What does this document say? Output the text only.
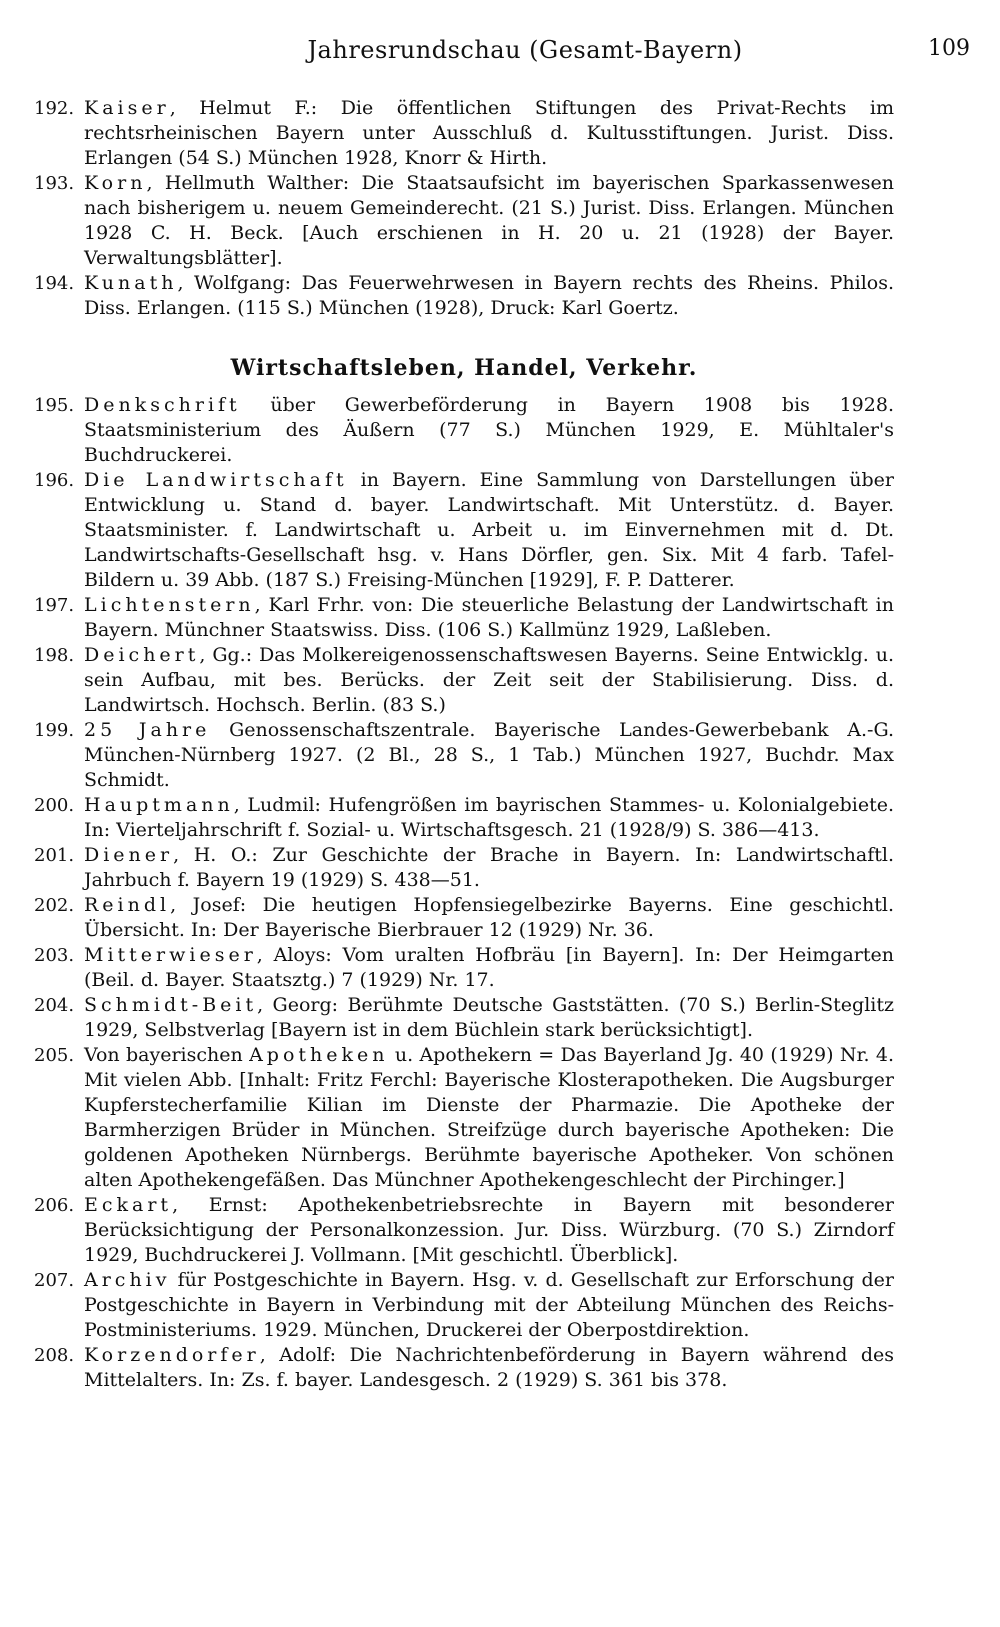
Jahresrundschau (Gesamt-Bayern)	109
192. Kaiser, Helmut F.: Die öffentlichen Stiftungen des Privat-Rechts im rechtsrheinischen Bayern unter Ausschluß d. Kultusstiftungen. Jurist. Diss. Erlangen (54 S.) München 1928, Knorr & Hirth.
193. Korn, Hellmuth Walther: Die Staatsaufsicht im bayerischen Sparkassenwesen nach bisherigem u. neuem Gemeinderecht. (21 S.) Jurist. Diss. Erlangen. München 1928 C. H. Beck. [Auch erschienen in H. 20 u. 21 (1928) der Bayer. Verwaltungsblätter].
194. Kunath, Wolfgang: Das Feuerwehrwesen in Bayern rechts des Rheins. Philos. Diss. Erlangen. (115 S.) München (1928), Druck: Karl Goertz.
Wirtschaftsleben, Handel, Verkehr.
195. Denkschrift über Gewerbeförderung in Bayern 1908 bis 1928. Staatsministerium des Äußern (77 S.) München 1929, E. Mühltaler's Buchdruckerei.
196. Die Landwirtschaft in Bayern. Eine Sammlung von Darstellungen über Entwicklung u. Stand d. bayer. Landwirtschaft. Mit Unterstütz. d. Bayer. Staatsminister. f. Landwirtschaft u. Arbeit u. im Einvernehmen mit d. Dt. Landwirtschafts-Gesellschaft hsg. v. Hans Dörfler, gen. Six. Mit 4 farb. Tafel-Bildern u. 39 Abb. (187 S.) Freising-München [1929], F. P. Datterer.
197. Lichtenstern, Karl Frhr. von: Die steuerliche Belastung der Landwirtschaft in Bayern. Münchner Staatswiss. Diss. (106 S.) Kallmünz 1929, Laßleben.
198. Deichert, Gg.: Das Molkereigenossenschaftswesen Bayerns. Seine Entwicklg. u. sein Aufbau, mit bes. Berücks. der Zeit seit der Stabilisierung. Diss. d. Landwirtsch. Hochsch. Berlin. (83 S.)
199. 25 Jahre Genossenschaftszentrale. Bayerische Landes-Gewerbebank A.-G. München-Nürnberg 1927. (2 Bl., 28 S., 1 Tab.) München 1927, Buchdr. Max Schmidt.
200. Hauptmann, Ludmil: Hufengrößen im bayrischen Stammes- u. Kolonialgebiete. In: Vierteljahrschrift f. Sozial- u. Wirtschaftsgesch. 21 (1928/9) S. 386—413.
201. Diener, H. O.: Zur Geschichte der Brache in Bayern. In: Landwirtschaftl. Jahrbuch f. Bayern 19 (1929) S. 438—51.
202. Reindl, Josef: Die heutigen Hopfensiegelbezirke Bayerns. Eine geschichtl. Übersicht. In: Der Bayerische Bierbrauer 12 (1929) Nr. 36.
203. Mitterwieser, Aloys: Vom uralten Hofbräu [in Bayern]. In: Der Heimgarten (Beil. d. Bayer. Staatsztg.) 7 (1929) Nr. 17.
204. Schmidt-Beit, Georg: Berühmte Deutsche Gaststätten. (70 S.) Berlin-Steglitz 1929, Selbstverlag [Bayern ist in dem Büchlein stark berücksichtigt].
205. Von bayerischen Apotheken u. Apothekern = Das Bayerland Jg. 40 (1929) Nr. 4. Mit vielen Abb. [Inhalt: Fritz Ferchl: Bayerische Klosterapotheken. Die Augsburger Kupferstecherfamilie Kilian im Dienste der Pharmazie. Die Apotheke der Barmherzigen Brüder in München. Streifzüge durch bayerische Apotheken: Die goldenen Apotheken Nürnbergs. Berühmte bayerische Apotheker. Von schönen alten Apothekengefäßen. Das Münchner Apothekengeschlecht der Pirchinger.]
206. Eckart, Ernst: Apothekenbetriebsrechte in Bayern mit besonderer Berücksichtigung der Personalkonzession. Jur. Diss. Würzburg. (70 S.) Zirndorf 1929, Buchdruckerei J. Vollmann. [Mit geschichtl. Überblick].
207. Archiv für Postgeschichte in Bayern. Hsg. v. d. Gesellschaft zur Erforschung der Postgeschichte in Bayern in Verbindung mit der Abteilung München des Reichs-Postministeriums. 1929. München, Druckerei der Oberpostdirektion.
208. Korzendorfer, Adolf: Die Nachrichtenbeförderung in Bayern während des Mittelalters. In: Zs. f. bayer. Landesgesch. 2 (1929) S. 361 bis 378.
